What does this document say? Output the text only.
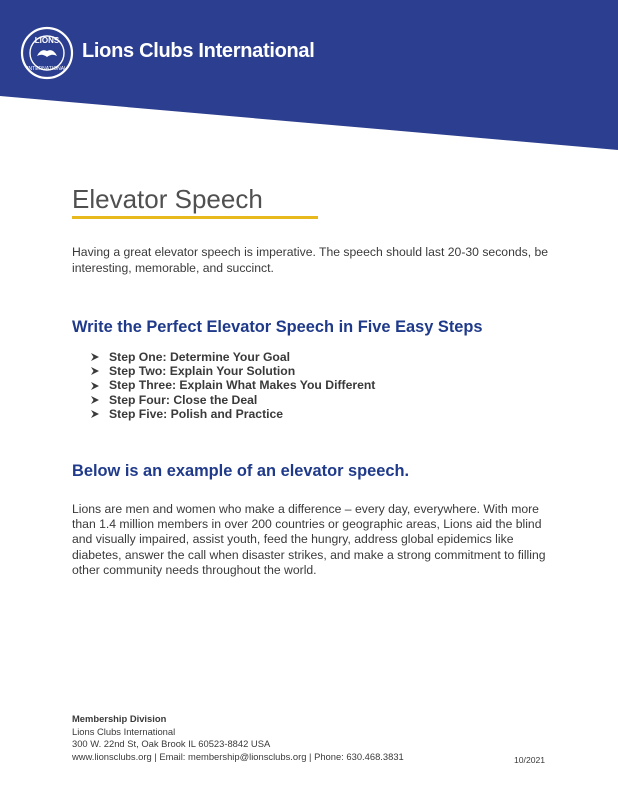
LIONS
INTERNATIONAL
Lions Clubs International
Elevator Speech

Having a great elevator speech is imperative. The speech should last 20-30 seconds, be interesting, memorable, and succinct.

Write the Perfect Elevator Speech in Five Easy Steps
Step One: Determine Your Goal
Step Two: Explain Your Solution
Step Three: Explain What Makes You Different
Step Four: Close the Deal
Step Five: Polish and Practice
Below is an example of an elevator speech.

Lions are men and women who make a difference – every day, everywhere. With more than 1.4 million members in over 200 countries or geographic areas, Lions aid the blind and visually impaired, assist youth, feed the hungry, address global epidemics like diabetes, answer the call when disaster strikes, and make a strong commitment to filling other community needs throughout the world.

Membership Division
Lions Clubs International
300 W. 22nd St, Oak Brook IL 60523-8842 USA
www.lionsclubs.org | Email: membership@lionsclubs.org | Phone: 630.468.3831	10/2021
